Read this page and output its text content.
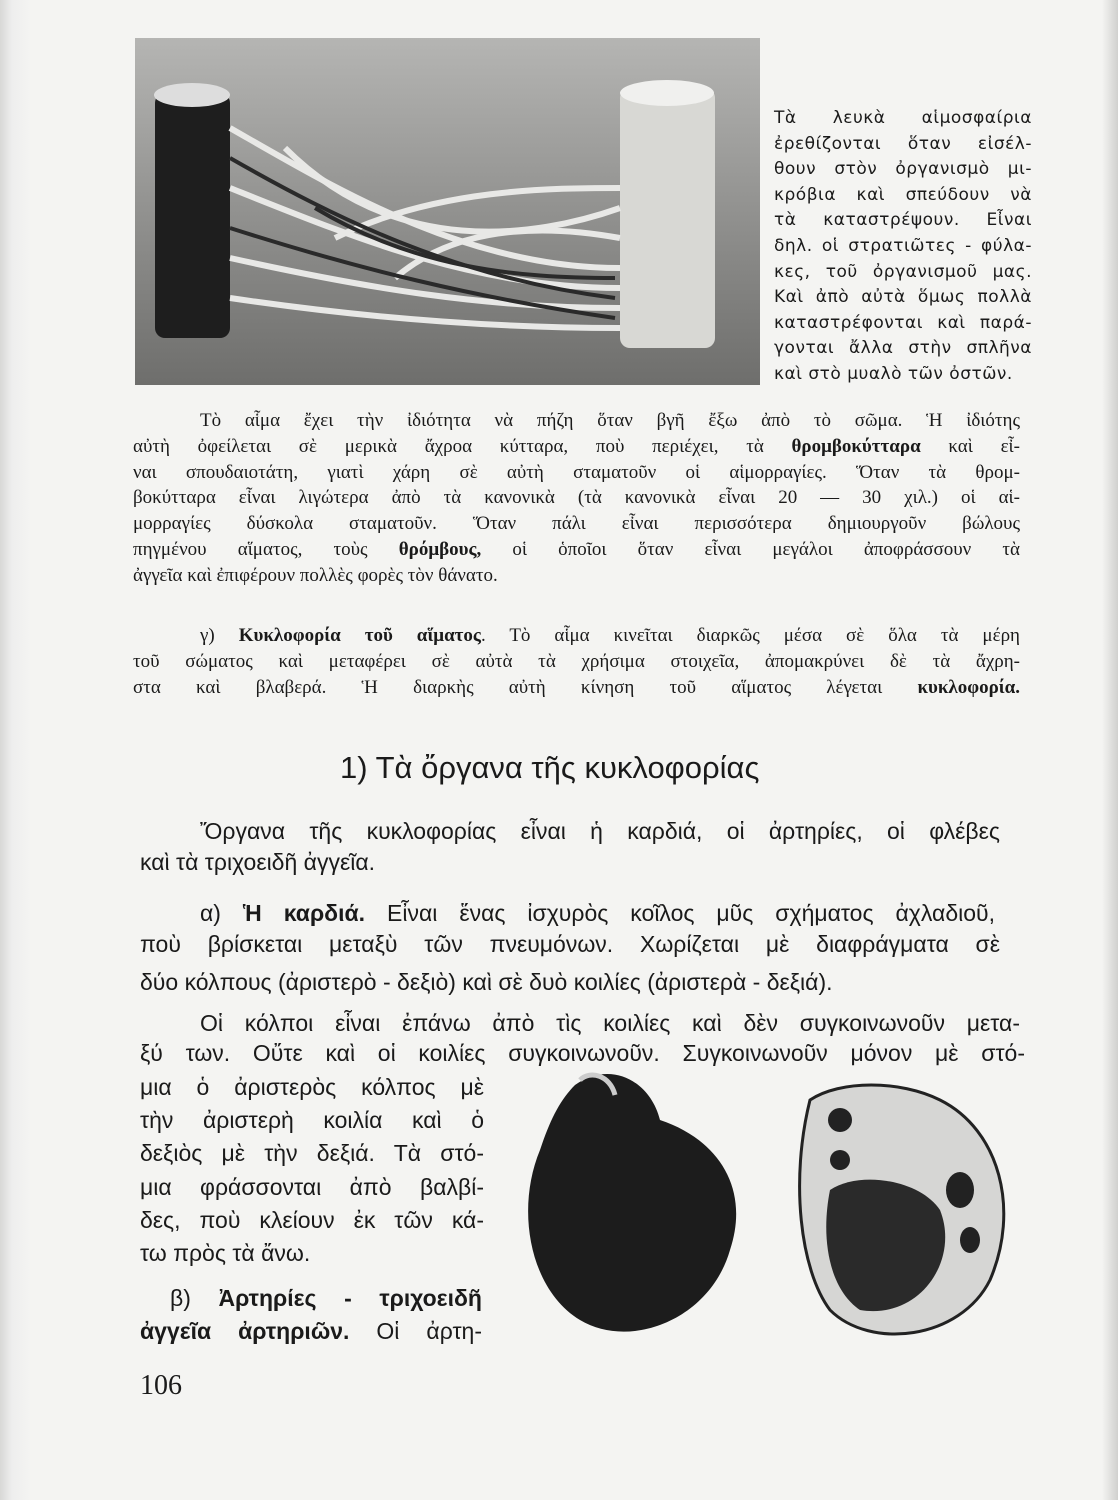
Τὰ λευκὰ αἱμοσφαίρια
ἐρεθίζονται ὅταν εἰσέλ-
θουν στὸν ὀργανισμὸ μι-
κρόβια καὶ σπεύδουν νὰ
τὰ καταστρέψουν. Εἶναι
δηλ. οἱ στρατιῶτες - φύλα-
κες, τοῦ ὀργανισμοῦ μας.
Καὶ ἀπὸ αὐτὰ ὅμως πολλὰ
καταστρέφονται καὶ παρά-
γονται ἄλλα στὴν σπλῆνα
καὶ στὸ μυαλὸ τῶν ὀστῶν.
Τὸ αἷμα ἔχει τὴν ἰδιότητα νὰ πήζη ὅταν βγῆ ἔξω ἀπὸ τὸ σῶμα. Ἡ ἰδιότης
αὐτὴ ὀφείλεται σὲ μερικὰ ἄχροα κύτταρα, ποὺ περιέχει, τὰ θρομβοκύτταρα καὶ εἶ-
ναι σπουδαιοτάτη, γιατὶ χάρη σὲ αὐτὴ σταματοῦν οἱ αἱμορραγίες. Ὅταν τὰ θρομ-
βοκύτταρα εἶναι λιγώτερα ἀπὸ τὰ κανονικὰ (τὰ κανονικὰ εἶναι 20 — 30 χιλ.) οἱ αἱ-
μορραγίες δύσκολα σταματοῦν. Ὅταν πάλι εἶναι περισσότερα δημιουργοῦν βώλους
πηγμένου αἵματος, τοὺς θρόμβους, οἱ ὁποῖοι ὅταν εἶναι μεγάλοι ἀποφράσσουν τὰ
ἀγγεῖα καὶ ἐπιφέρουν πολλὲς φορὲς τὸν θάνατο.
γ) Κυκλοφορία τοῦ αἵματος. Τὸ αἷμα κινεῖται διαρκῶς μέσα σὲ ὅλα τὰ μέρη
τοῦ σώματος καὶ μεταφέρει σὲ αὐτὰ τὰ χρήσιμα στοιχεῖα, ἀπομακρύνει δὲ τὰ ἄχρη-
στα καὶ βλαβερά. Ἡ διαρκὴς αὐτὴ κίνηση τοῦ αἵματος λέγεται κυκλοφορία.
1) Τὰ ὄργανα τῆς κυκλοφορίας
Ὄργανα τῆς κυκλοφορίας εἶναι ἡ καρδιά, οἱ ἀρτηρίες, οἱ φλέβες
καὶ τὰ τριχοειδῆ ἀγγεῖα.
α) Ἡ καρδιά. Εἶναι ἕνας ἰσχυρὸς κοῖλος μῦς σχήματος ἀχλαδιοῦ,
ποὺ βρίσκεται μεταξὺ τῶν πνευμόνων. Χωρίζεται μὲ διαφράγματα σὲ
δύο κόλπους (ἀριστερὸ - δεξιὸ) καὶ σὲ δυὸ κοιλίες (ἀριστερὰ - δεξιά).
Οἱ κόλποι εἶναι ἐπάνω ἀπὸ τὶς κοιλίες καὶ δὲν συγκοινωνοῦν μετα-
ξύ των. Οὔτε καὶ οἱ κοιλίες συγκοινωνοῦν. Συγκοινωνοῦν μόνον μὲ στό-
μια ὁ ἀριστερὸς κόλπος μὲ
τὴν ἀριστερὴ κοιλία καὶ ὁ
δεξιὸς μὲ τὴν δεξιά. Τὰ στό-
μια φράσσονται ἀπὸ βαλβί-
δες, ποὺ κλείουν ἐκ τῶν κά-
τω πρὸς τὰ ἄνω.
β) Ἀρτηρίες - τριχοειδῆ
ἀγγεῖα ἀρτηριῶν. Οἱ ἀρτη-
106
